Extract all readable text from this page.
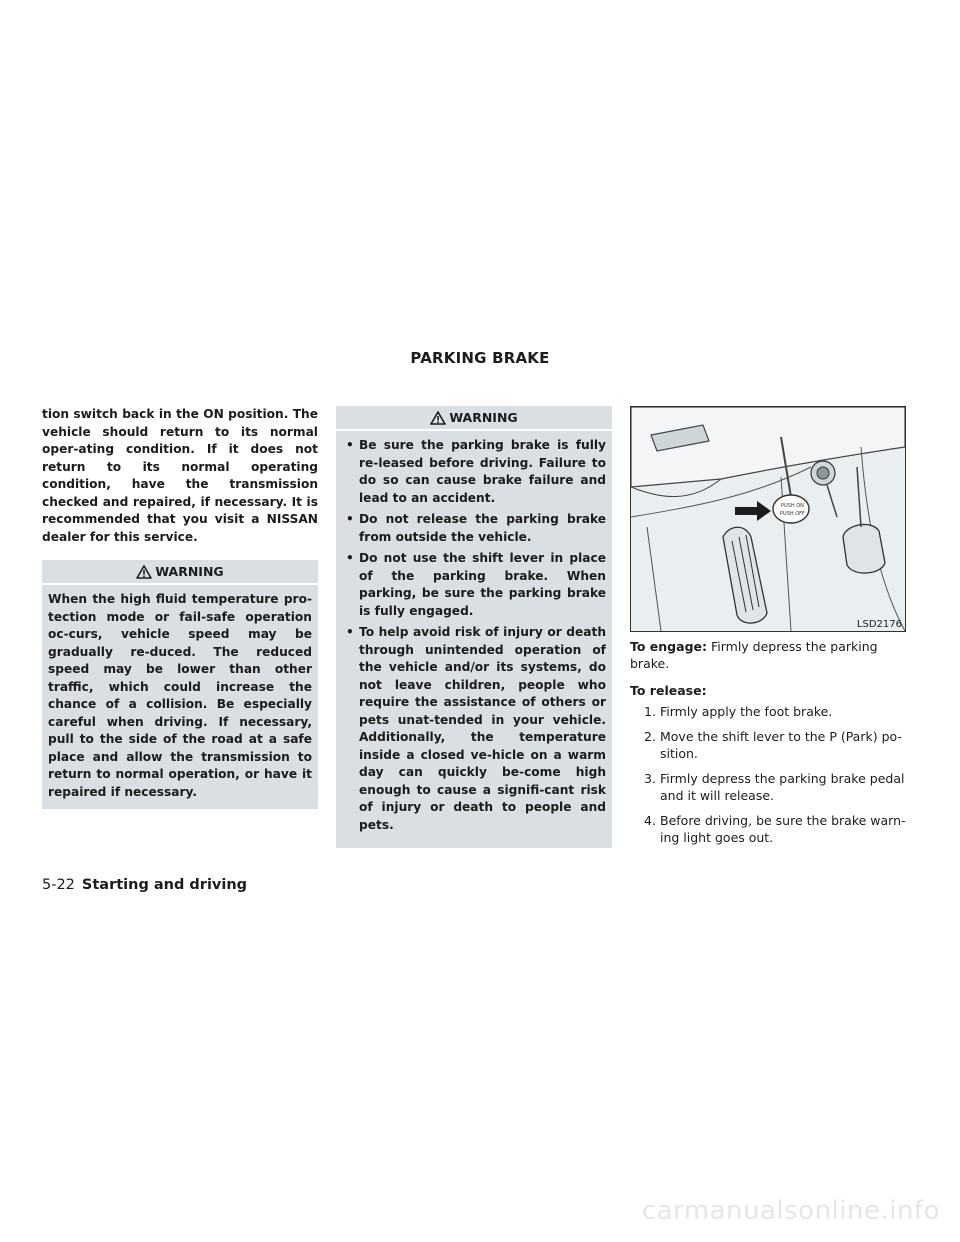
PARKING BRAKE

tion switch back in the ON position. The vehicle should return to its normal oper-ating condition. If it does not return to its normal operating condition, have the transmission checked and repaired, if necessary. It is recommended that you visit a NISSAN dealer for this service.

WARNING

When the high fluid temperature pro-tection mode or fail-safe operation oc-curs, vehicle speed may be gradually re-duced. The reduced speed may be lower than other traffic, which could increase the chance of a collision. Be especially careful when driving. If necessary, pull to the side of the road at a safe place and allow the transmission to return to normal operation, or have it repaired if necessary.

WARNING
• Be sure the parking brake is fully re-leased before driving. Failure to do so can cause brake failure and lead to an accident.
• Do not release the parking brake from outside the vehicle.
• Do not use the shift lever in place of the parking brake. When parking, be sure the parking brake is fully engaged.
• To help avoid risk of injury or death through unintended operation of the vehicle and/or its systems, do not leave children, people who require the assistance of others or pets unat-tended in your vehicle. Additionally, the temperature inside a closed ve-hicle on a warm day can quickly be-come high enough to cause a signifi-cant risk of injury or death to people and pets.
PUSH ON
PUSH OFF
LSD2176

To engage: Firmly depress the parking brake.

To release:
1. Firmly apply the foot brake.
2. Move the shift lever to the P (Park) po-sition.
3. Firmly depress the parking brake pedal and it will release.
4. Before driving, be sure the brake warn-ing light goes out.
5-22 Starting and driving
carmanualsonline.info
